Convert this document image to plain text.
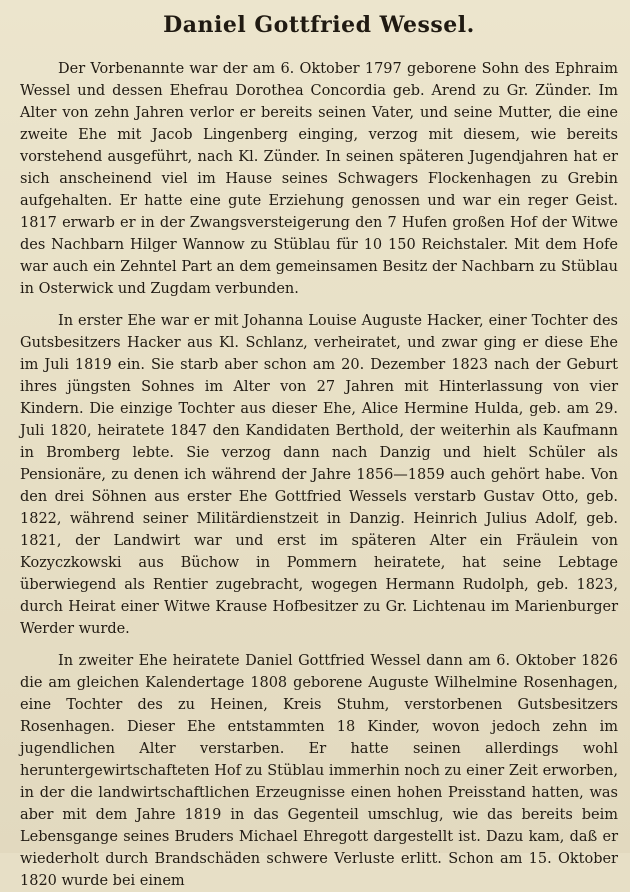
Daniel Gottfried Wessel.

Der Vorbenannte war der am 6. Oktober 1797 geborene Sohn des Ephraim Wessel und dessen Ehefrau Dorothea Concordia geb. Arend zu Gr. Zünder. Im Alter von zehn Jahren verlor er bereits seinen Vater, und seine Mutter, die eine zweite Ehe mit Jacob Lingenberg einging, verzog mit diesem, wie bereits vorstehend ausgeführt, nach Kl. Zünder. In seinen späteren Jugendjahren hat er sich anscheinend viel im Hause seines Schwagers Flockenhagen zu Grebin aufgehalten. Er hatte eine gute Erziehung genossen und war ein reger Geist. 1817 erwarb er in der Zwangsversteigerung den 7 Hufen großen Hof der Witwe des Nachbarn Hilger Wannow zu Stüblau für 10 150 Reichstaler. Mit dem Hofe war auch ein Zehntel Part an dem gemeinsamen Besitz der Nachbarn zu Stüblau in Osterwick und Zugdam verbunden.

In erster Ehe war er mit Johanna Louise Auguste Hacker, einer Tochter des Gutsbesitzers Hacker aus Kl. Schlanz, verheiratet, und zwar ging er diese Ehe im Juli 1819 ein. Sie starb aber schon am 20. Dezember 1823 nach der Geburt ihres jüngsten Sohnes im Alter von 27 Jahren mit Hinterlassung von vier Kindern. Die einzige Tochter aus dieser Ehe, Alice Hermine Hulda, geb. am 29. Juli 1820, heiratete 1847 den Kandidaten Berthold, der weiterhin als Kaufmann in Bromberg lebte. Sie verzog dann nach Danzig und hielt Schüler als Pensionäre, zu denen ich während der Jahre 1856—1859 auch gehört habe. Von den drei Söhnen aus erster Ehe Gottfried Wessels verstarb Gustav Otto, geb. 1822, während seiner Militärdienstzeit in Danzig. Heinrich Julius Adolf, geb. 1821, der Landwirt war und erst im späteren Alter ein Fräulein von Kozyczkowski aus Büchow in Pommern heiratete, hat seine Lebtage überwiegend als Rentier zugebracht, wogegen Hermann Rudolph, geb. 1823, durch Heirat einer Witwe Krause Hofbesitzer zu Gr. Lichtenau im Marienburger Werder wurde.

In zweiter Ehe heiratete Daniel Gottfried Wessel dann am 6. Oktober 1826 die am gleichen Kalendertage 1808 geborene Auguste Wilhelmine Rosenhagen, eine Tochter des zu Heinen, Kreis Stuhm, verstorbenen Gutsbesitzers Rosenhagen. Dieser Ehe entstammten 18 Kinder, wovon jedoch zehn im jugendlichen Alter verstarben. Er hatte seinen allerdings wohl heruntergewirtschafteten Hof zu Stüblau immerhin noch zu einer Zeit erworben, in der die landwirtschaftlichen Erzeugnisse einen hohen Preisstand hatten, was aber mit dem Jahre 1819 in das Gegenteil umschlug, wie das bereits beim Lebensgange seines Bruders Michael Ehregott dargestellt ist. Dazu kam, daß er wiederholt durch Brandschäden schwere Verluste erlitt. Schon am 15. Oktober 1820 wurde bei einem
